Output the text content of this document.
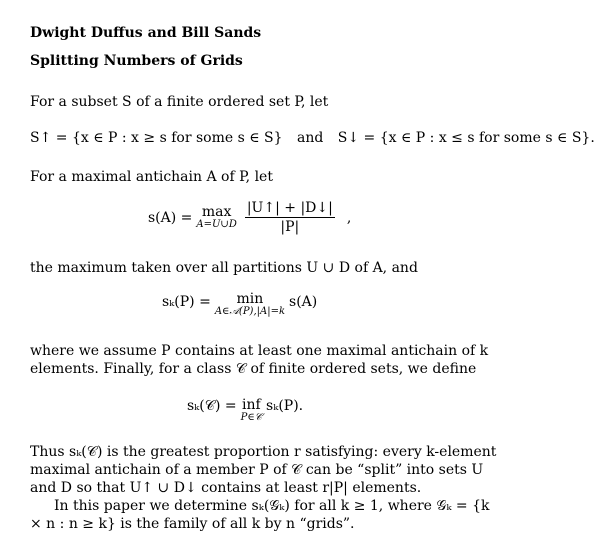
Dwight Duffus and Bill Sands
Splitting Numbers of Grids
For a subset S of a finite ordered set P, let
S↑ = {x ∈ P : x ≥ s for some s ∈ S} and S↓ = {x ∈ P : x ≤ s for some s ∈ S}.
For a maximal antichain A of P, let
s(A) = max
A=U∪D $\frac{|U↑| + |D↓|}{|P|}$ ,
the maximum taken over all partitions U ∪ D of A, and
sₖ(P) = min
A∈𝒜(P),|A|=k
s(A)
where we assume P contains at least one maximal antichain of k elements. Finally, for a class 𝒞 of finite ordered sets, we define
sₖ(𝒞) = inf
P∈𝒞
sₖ(P).
Thus sₖ(𝒞) is the greatest proportion r satisfying: every k-element maximal antichain of a member P of 𝒞 can be “split” into sets U and D so that U↑ ∪ D↓ contains at least r|P| elements.
In this paper we determine sₖ(𝒢ₖ) for all k ≥ 1, where 𝒢ₖ = {k × n : n ≥ k} is the family of all k by n “grids”.
